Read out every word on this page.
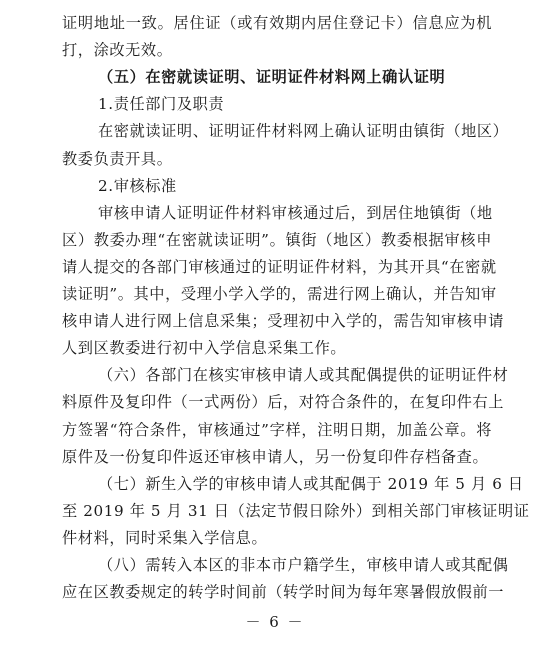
证明地址一致。居住证（或有效期内居住登记卡）信息应为机
打，涂改无效。
（五）在密就读证明、证明证件材料网上确认证明
1.责任部门及职责
在密就读证明、证明证件材料网上确认证明由镇街（地区）
教委负责开具。
2.审核标准
审核申请人证明证件材料审核通过后，到居住地镇街（地
区）教委办理“在密就读证明”。镇街（地区）教委根据审核申
请人提交的各部门审核通过的证明证件材料，为其开具“在密就
读证明”。其中，受理小学入学的，需进行网上确认，并告知审
核申请人进行网上信息采集；受理初中入学的，需告知审核申请
人到区教委进行初中入学信息采集工作。
（六）各部门在核实审核申请人或其配偶提供的证明证件材
料原件及复印件（一式两份）后，对符合条件的，在复印件右上
方签署“符合条件，审核通过”字样，注明日期，加盖公章。将
原件及一份复印件返还审核申请人，另一份复印件存档备查。
（七）新生入学的审核申请人或其配偶于 2019 年 5 月 6 日
至 2019 年 5 月 31 日（法定节假日除外）到相关部门审核证明证
件材料，同时采集入学信息。
（八）需转入本区的非本市户籍学生，审核申请人或其配偶
应在区教委规定的转学时间前（转学时间为每年寒暑假放假前一
－ 6 －
